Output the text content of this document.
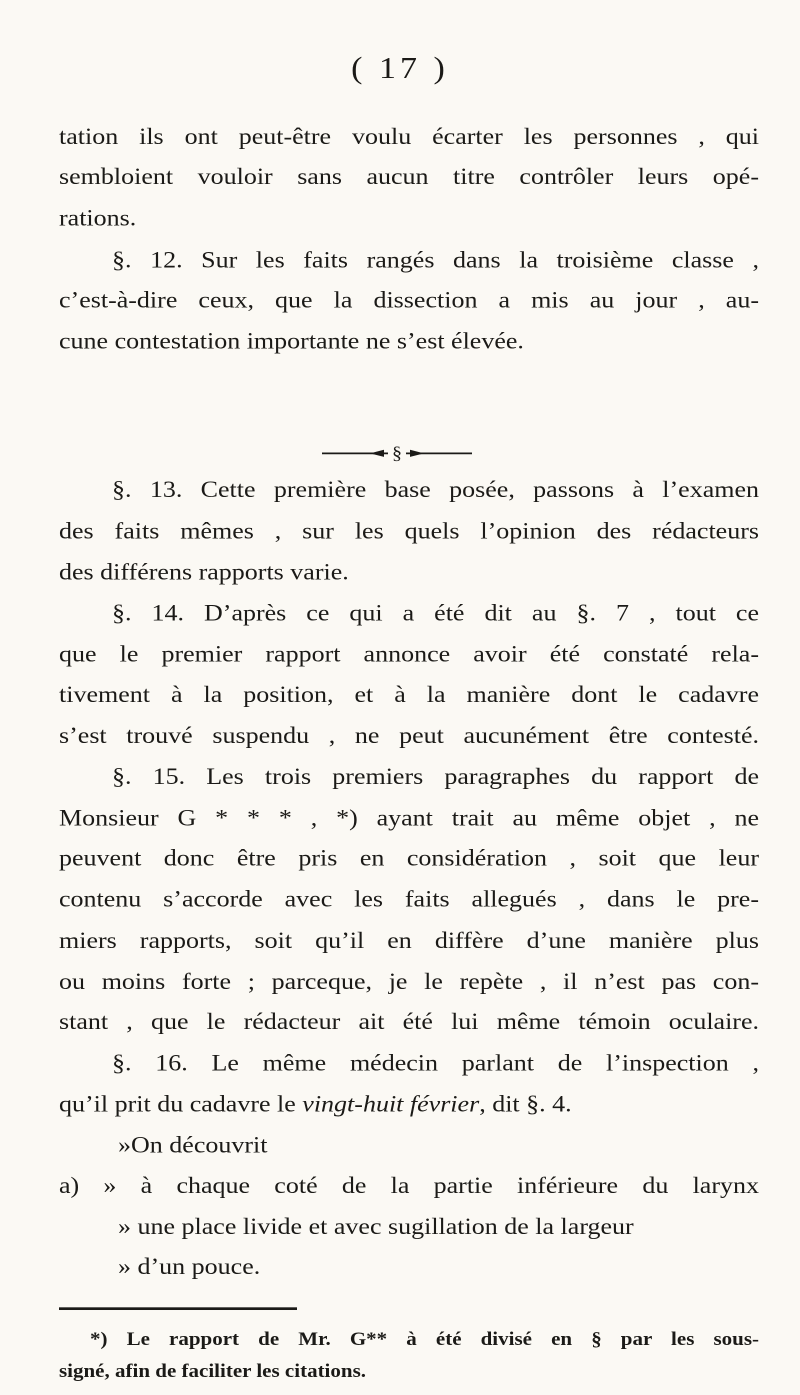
( 17 )
tation ils ont peut-être voulu écarter les personnes , qui
sembloient vouloir sans aucun titre contrôler leurs opé-
rations.
§. 12. Sur les faits rangés dans la troisième classe ,
c’est-à-dire ceux, que la dissection a mis au jour , au-
cune contestation importante ne s’est élevée.
§
§. 13. Cette première base posée, passons à l’examen
des faits mêmes , sur les quels l’opinion des rédacteurs
des différens rapports varie.
§. 14. D’après ce qui a été dit au §. 7 , tout ce
que le premier rapport annonce avoir été constaté rela-
tivement à la position, et à la manière dont le cadavre
s’est trouvé suspendu , ne peut aucunément être contesté.
§. 15. Les trois premiers paragraphes du rapport de
Monsieur G * * * , *) ayant trait au même objet , ne
peuvent donc être pris en considération , soit que leur
contenu s’accorde avec les faits allegués , dans le pre-
miers rapports, soit qu’il en diffère d’une manière plus
ou moins forte ; parceque, je le repète , il n’est pas con-
stant , que le rédacteur ait été lui même témoin oculaire.
§. 16. Le même médecin parlant de l’inspection ,
qu’il prit du cadavre le vingt-huit février, dit §. 4.
»On découvrit
a) » à chaque coté de la partie inférieure du larynx
» une place livide et avec sugillation de la largeur
» d’un pouce.
*) Le rapport de Mr. G** à été divisé en § par les sous-
signé, afin de faciliter les citations.
